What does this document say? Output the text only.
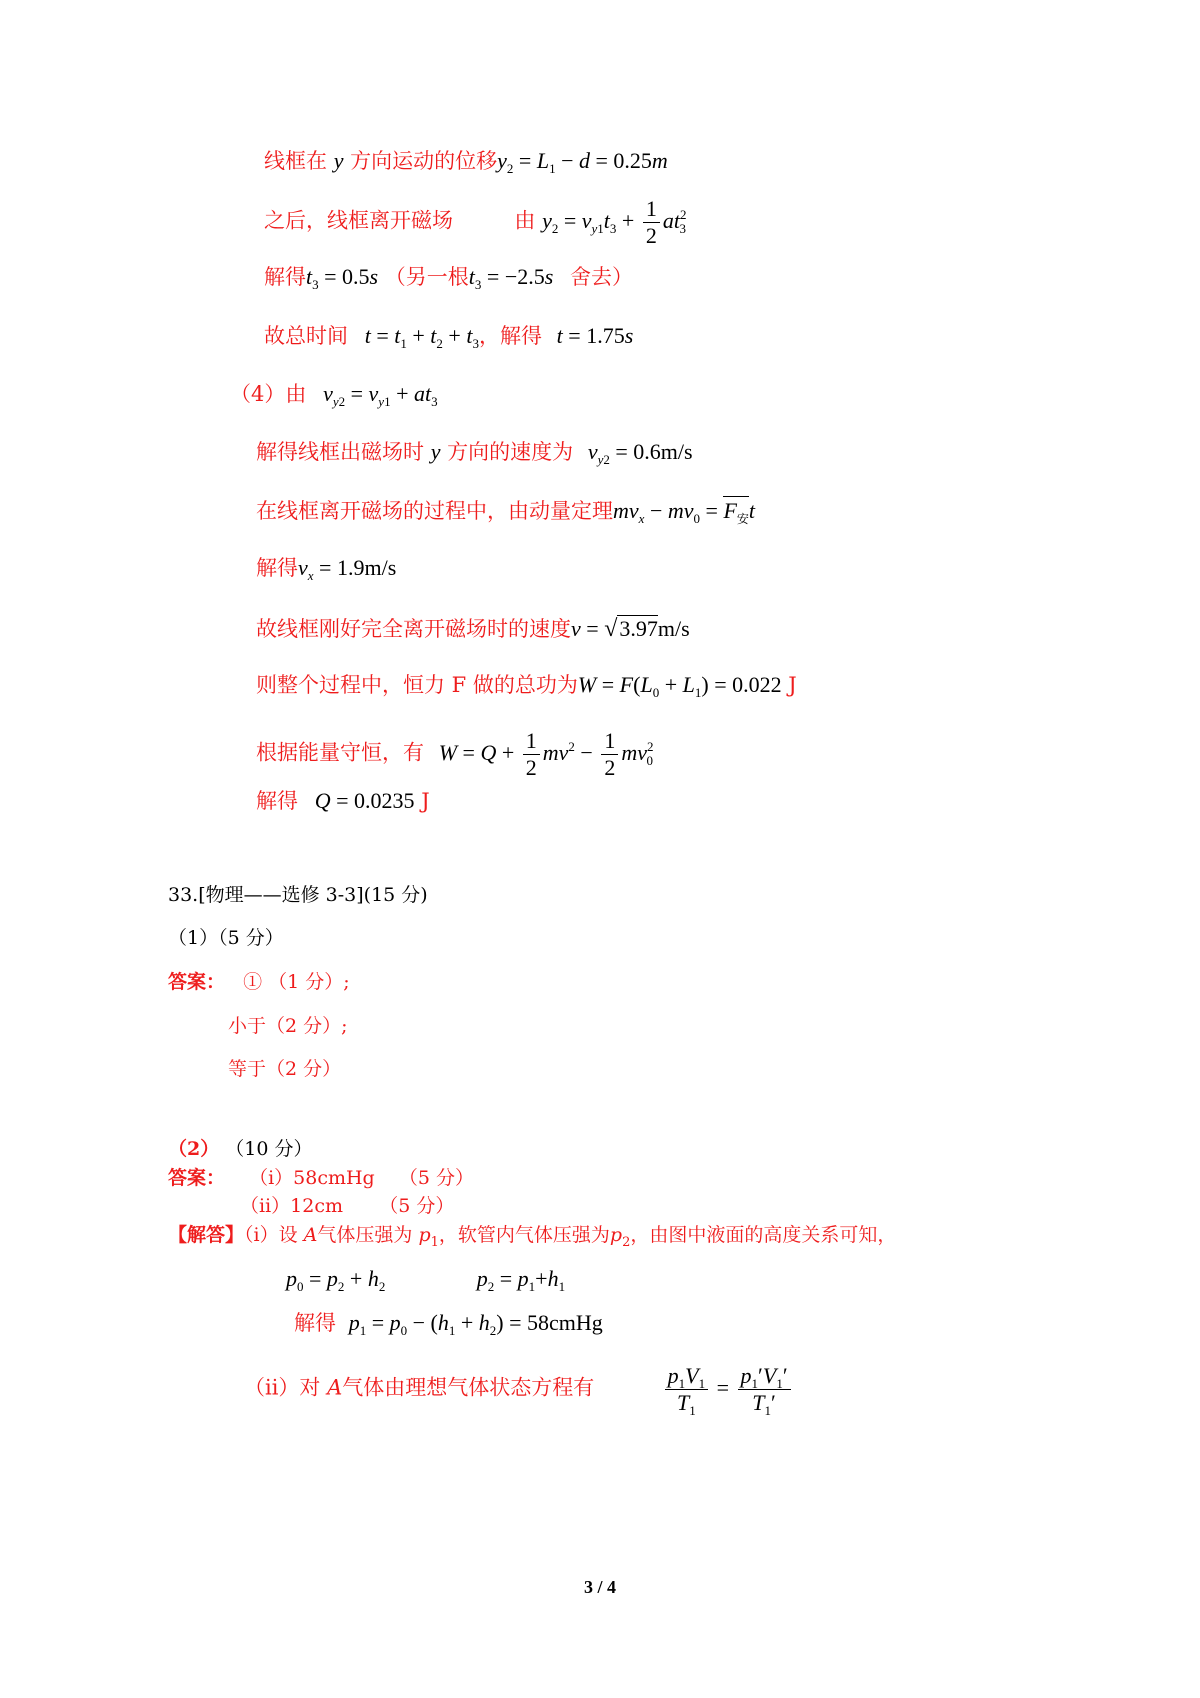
线框在 y 方向运动的位移$y_2 = L_1 - d = 0.25m$
之后，线框离开磁场	由 $y_2 = v_{y1}t_3 + \frac{1}{2} at^2_3$
解得$t_3 = 0.5s$ （另一根$t_3 = -2.5s$ 舍去）
故总时间 $t = t_1 + t_2 + t_3$，解得 t = 1.75s
（4）由 $v_{y2} = v_{y1} + at_3$
解得线框出磁场时 y 方向的速度为 $v_{y2} = 0.6m/s$
在线框离开磁场的过程中，由动量定理$mv_x - mv_0 = F_安t$
解得$v_x = 1.9m/s$
故线框刚好完全离开磁场时的速度v = √3.97m/s
则整个过程中，恒力 F 做的总功为$W = F(L_0 + L_1) = 0.022$ J
根据能量守恒，有 $W = Q + \frac{1}{2} mv^2 - \frac{1}{2} mv^2_0$
解得 Q = 0.0235 J
33.[物理——选修 3-3](15 分)
（1）（5 分）
答案： ① （1 分）;
小于（2 分）;
等于（2 分）
（2） （10 分）
答案： （ⅰ）58cmHg    （5 分）
（ⅱ）12cm      （5 分）
【解答】（ⅰ）设 A气体压强为 $p_1$，软管内气体压强为$p_2$，由图中液面的高度关系可知，
$p_0 = p_2 + h_2$	$p_2 = p_1+h_1$
解得 $p_1 = p_0 - (h_1 + h_2)$ = 58cmHg
（ⅱ）对 A气体由理想气体状态方程有	$\frac{p_1V_1}{T_1} = \frac{p_1'V_1'}{T_1'}$
3 / 4
